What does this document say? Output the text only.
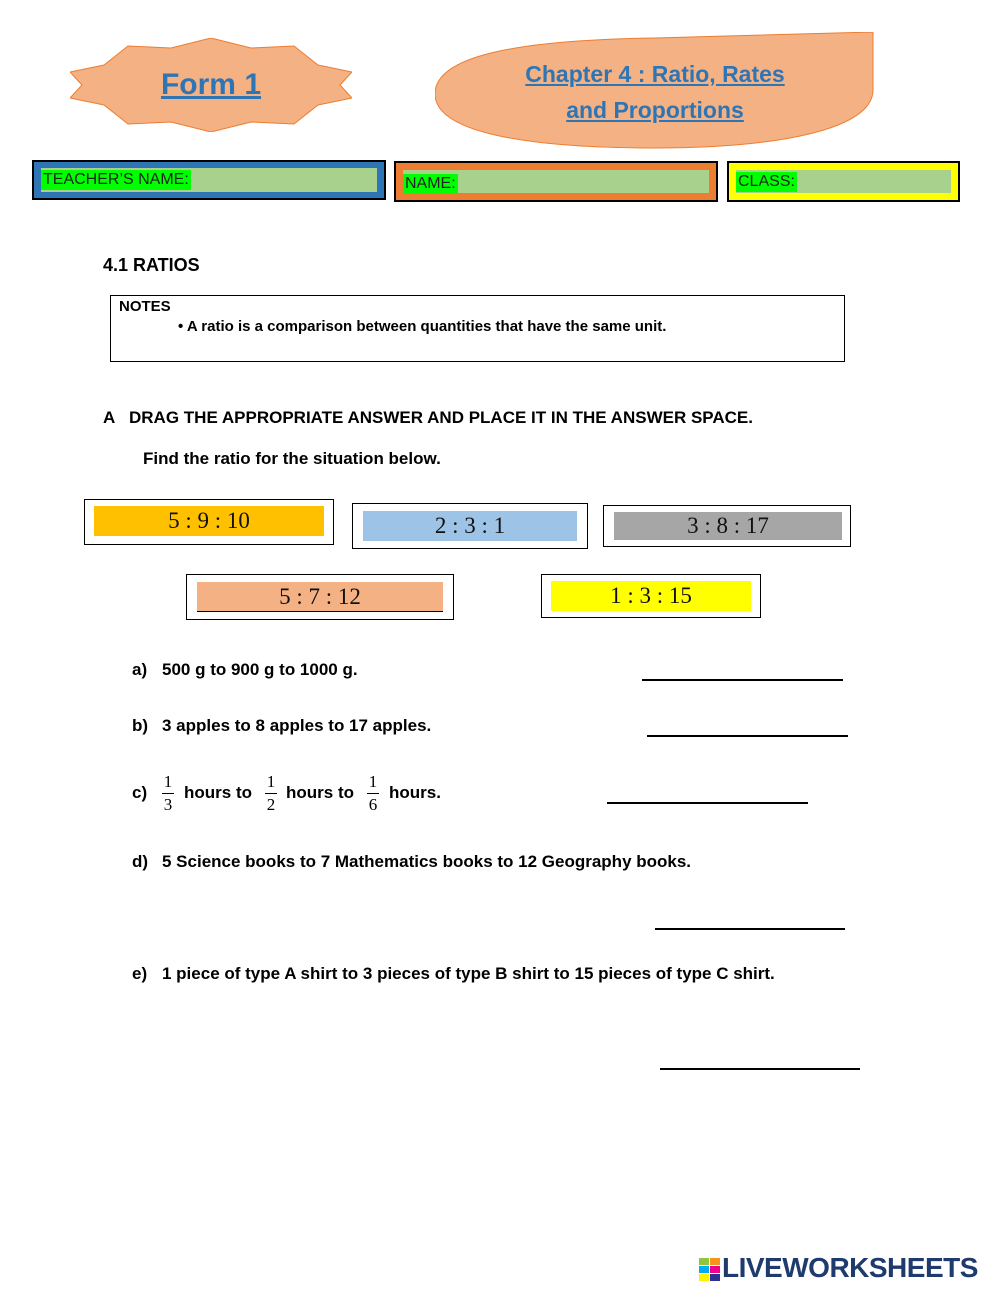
Form 1	Chapter 4 : Ratio, Rates
and Proportions
TEACHER’S NAME:	NAME:	CLASS:
4.1 RATIOS
NOTES
• A ratio is a comparison between quantities that have the same unit.
A DRAG THE APPROPRIATE ANSWER AND PLACE IT IN THE ANSWER SPACE.
Find the ratio for the situation below.
5 : 9 : 10	2 : 3 : 1	3 : 8 : 17
5 : 7 : 12	1 : 3 : 15
a) 500 g to 900 g to 1000 g.
b) 3 apples to 8 apples to 17 apples.
c)
1
3
hours to
1
2
hours to
1
6
hours.
d) 5 Science books to 7 Mathematics books to 12 Geography books.
e) 1 piece of type A shirt to 3 pieces of type B shirt to 15 pieces of type C shirt.
LIVEWORKSHEETS
